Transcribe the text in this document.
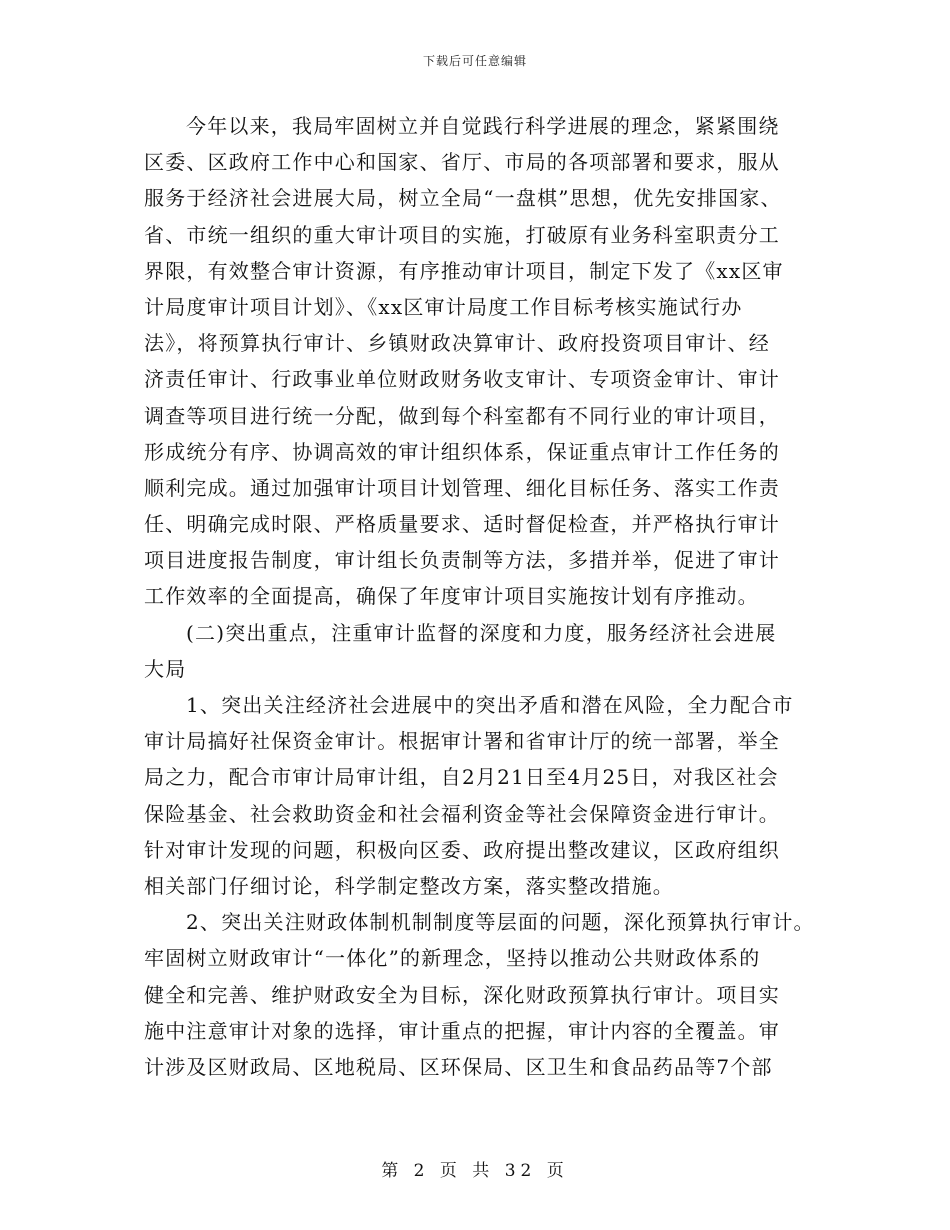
下载后可任意编辑
今年以来，我局牢固树立并自觉践行科学进展的理念，紧紧围绕
区委、区政府工作中心和国家、省厅、市局的各项部署和要求，服从
服务于经济社会进展大局，树立全局“一盘棋”思想，优先安排国家、
省、市统一组织的重大审计项目的实施，打破原有业务科室职责分工
界限，有效整合审计资源，有序推动审计项目，制定下发了《xx区审
计局度审计项目计划》、《xx区审计局度工作目标考核实施试行办
法》，将预算执行审计、乡镇财政决算审计、政府投资项目审计、经
济责任审计、行政事业单位财政财务收支审计、专项资金审计、审计
调查等项目进行统一分配，做到每个科室都有不同行业的审计项目，
形成统分有序、协调高效的审计组织体系，保证重点审计工作任务的
顺利完成。通过加强审计项目计划管理、细化目标任务、落实工作责
任、明确完成时限、严格质量要求、适时督促检查，并严格执行审计
项目进度报告制度，审计组长负责制等方法，多措并举，促进了审计
工作效率的全面提高，确保了年度审计项目实施按计划有序推动。
(二)突出重点，注重审计监督的深度和力度，服务经济社会进展
大局
1、突出关注经济社会进展中的突出矛盾和潜在风险，全力配合市
审计局搞好社保资金审计。根据审计署和省审计厅的统一部署，举全
局之力，配合市审计局审计组，自2月21日至4月25日，对我区社会
保险基金、社会救助资金和社会福利资金等社会保障资金进行审计。
针对审计发现的问题，积极向区委、政府提出整改建议，区政府组织
相关部门仔细讨论，科学制定整改方案，落实整改措施。
2、突出关注财政体制机制制度等层面的问题，深化预算执行审计。
牢固树立财政审计“一体化”的新理念，坚持以推动公共财政体系的
健全和完善、维护财政安全为目标，深化财政预算执行审计。项目实
施中注意审计对象的选择，审计重点的把握，审计内容的全覆盖。审
计涉及区财政局、区地税局、区环保局、区卫生和食品药品等7个部
第 2 页 共 32 页
